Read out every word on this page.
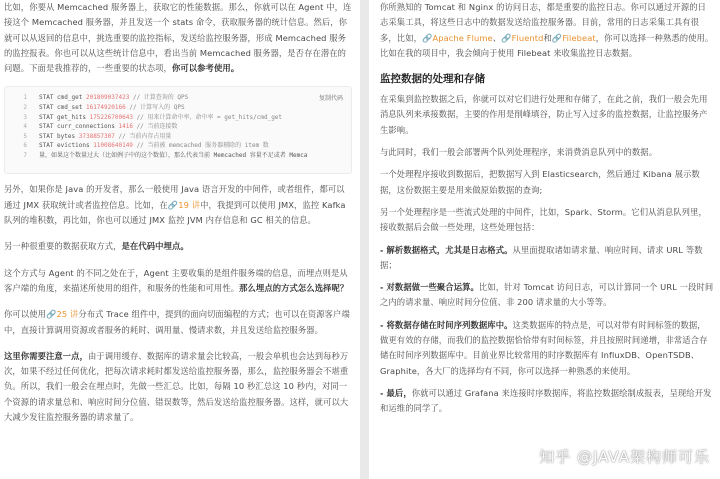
比如，你要从 Memcached 服务器上，获取它的性能数据。那么，你就可以在 Agent 中，连接这个 Memcached 服务器，并且发送一个 stats 命令，获取服务器的统计信息。然后，你就可以从返回的信息中，挑选重要的监控指标，发送给监控服务器，形成 Memcached 服务的监控报表。你也可以从这些统计信息中，看出当前 Memcached 服务器，是否存在潜在的问题。下面是我推荐的，一些重要的状态项，你可以参考使用。

复制代码
1 STAT cmd_get 201809037423 // 计算查询的 QPS
2 STAT cmd_set 16174920166 // 计算写入的 QPS
3 STAT get_hits 175226700643 // 用来计算命中率，命中率 = get_hits/cmd_get
4 STAT curr_connections 1416 // 当前连接数
5 STAT bytes 3738857307 // 当前内存占用量
6 STAT evictions 11008640149 // 当前被 memcached 服务器剔除的 item 数
7 量，如果这个数量过大（比如例子中的这个数值），那么代表当前 Memcached 容量不足或者 Memca

另外，如果你是 Java 的开发者，那么一般使用 Java 语言开发的中间件，或者组件，都可以通过 JMX 获取统计或者监控信息。比如，在🔗19 讲中，我提到可以使用 JMX，监控 Kafka 队列的堆积数，再比如，你也可以通过 JMX 监控 JVM 内存信息和 GC 相关的信息。

另一种很重要的数据获取方式，是在代码中埋点。

这个方式与 Agent 的不同之处在于，Agent 主要收集的是组件服务端的信息，而埋点则是从客户端的角度，来描述所使用的组件，和服务的性能和可用性。那么埋点的方式怎么选择呢？

你可以使用🔗25 讲分布式 Trace 组件中，提到的面向切面编程的方式；也可以在资源客户端中，直接计算调用资源或者服务的耗时、调用量、慢请求数，并且发送给监控服务器。

这里你需要注意一点，由于调用缓存、数据库的请求量会比较高，一般会单机也会达到每秒万次，如果不经过任何优化，把每次请求耗时都发送给监控服务器，那么，监控服务器会不堪重负。所以，我们一般会在埋点时，先做一些汇总。比如，每隔 10 秒汇总这 10 秒内，对同一个资源的请求量总和、响应时间分位值、错误数等，然后发送给监控服务器。这样，就可以大大减少发往监控服务器的请求量了。

你所熟知的 Tomcat 和 Nginx 的访问日志，都是重要的监控日志。你可以通过开源的日志采集工具，将这些日志中的数据发送给监控服务器。目前，常用的日志采集工具有很多，比如，🔗Apache Flume、🔗Fluentd和🔗Filebeat，你可以选择一种熟悉的使用。比如在我的项目中，我会倾向于使用 Filebeat 来收集监控日志数据。

监控数据的处理和存储

在采集到监控数据之后，你就可以对它们进行处理和存储了，在此之前，我们一般会先用消息队列来承接数据，主要的作用是削峰填谷，防止写入过多的监控数据，让监控服务产生影响。

与此同时，我们一般会部署两个队列处理程序，来消费消息队列中的数据。

一个处理程序接收到数据后，把数据写入到 Elasticsearch，然后通过 Kibana 展示数据，这份数据主要是用来做原始数据的查询;

另一个处理程序是一些流式处理的中间件，比如，Spark、Storm。它们从消息队列里，接收数据后会做一些处理，这些处理包括：

- 解析数据格式，尤其是日志格式。从里面提取诸如请求量、响应时间、请求 URL 等数据；

- 对数据做一些聚合运算。比如，针对 Tomcat 访问日志，可以计算同一个 URL 一段时间之内的请求量、响应时间分位值、非 200 请求量的大小等等。

- 将数据存储在时间序列数据库中。这类数据库的特点是，可以对带有时间标签的数据，做更有效的存储，而我们的监控数据恰恰带有时间标签，并且按照时间递增，非常适合存储在时间序列数据库中。目前业界比较常用的时序数据库有 InfluxDB、OpenTSDB、Graphite，各大厂的选择均有不同，你可以选择一种熟悉的来使用。

- 最后，你就可以通过 Grafana 来连接时序数据库，将监控数据绘制成报表，呈现给开发和运维的同学了。

知乎 @JAVA架构师可乐
